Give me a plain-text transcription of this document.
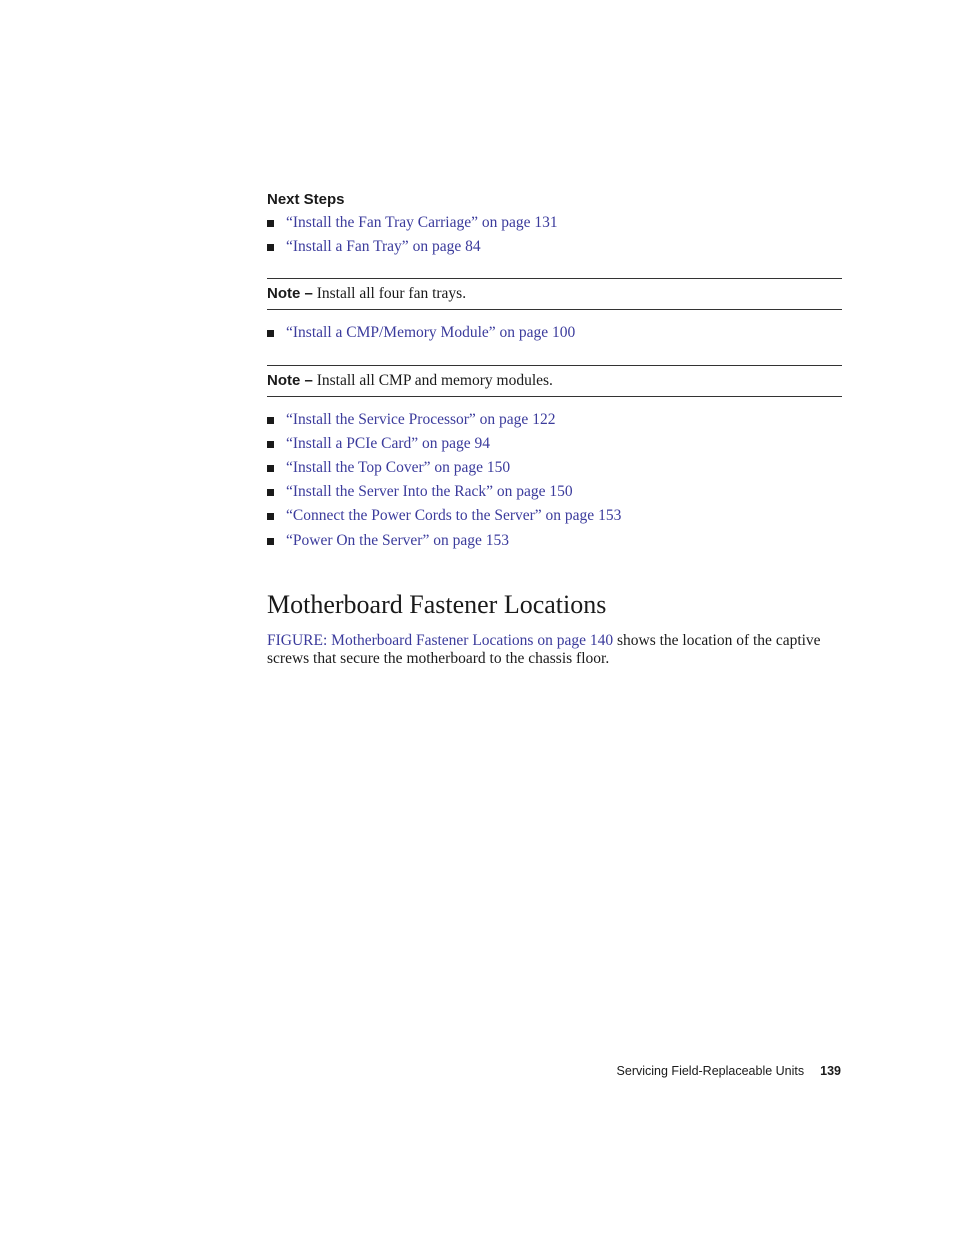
Next Steps
“Install the Fan Tray Carriage” on page 131
“Install a Fan Tray” on page 84
Note – Install all four fan trays.
“Install a CMP/Memory Module” on page 100
Note – Install all CMP and memory modules.
“Install the Service Processor” on page 122
“Install a PCIe Card” on page 94
“Install the Top Cover” on page 150
“Install the Server Into the Rack” on page 150
“Connect the Power Cords to the Server” on page 153
“Power On the Server” on page 153
Motherboard Fastener Locations

FIGURE: Motherboard Fastener Locations on page 140 shows the location of the captive screws that secure the motherboard to the chassis floor.

Servicing Field-Replaceable Units 139
